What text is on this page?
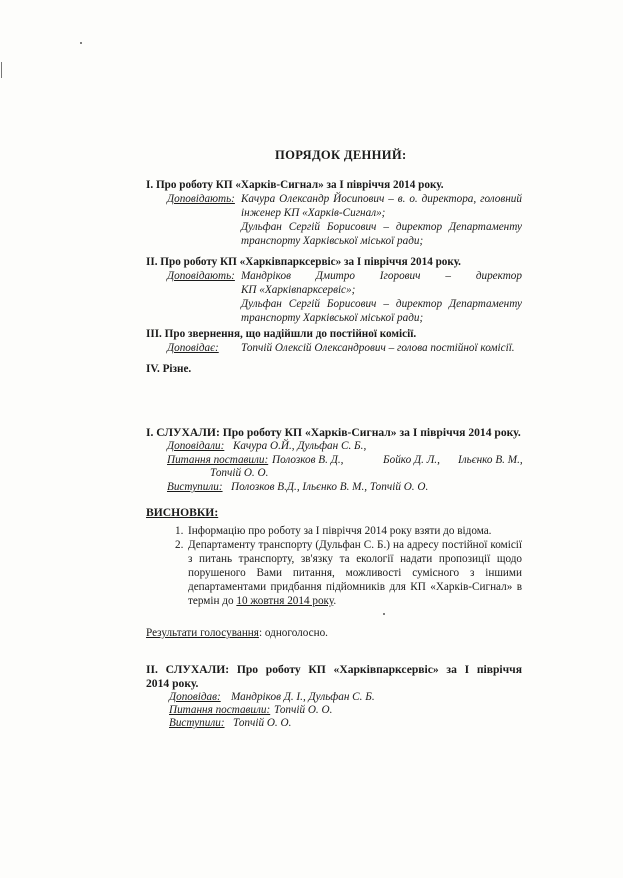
ПОРЯДОК ДЕННИЙ:
І. Про роботу КП «Харків-Сигнал» за І півріччя 2014 року.
Доповідають: Качура Олександр Йосипович – в. о. директора, головний
інженер КП «Харків-Сигнал»;
Дульфан Сергій Борисович – директор Департаменту
транспорту Харківської міської ради;
ІІ. Про роботу КП «Харківпарксервіс» за І півріччя 2014 року.
Доповідають: Мандріков Дмитро Ігорович – директор
КП «Харківпарксервіс»;
Дульфан Сергій Борисович – директор Департаменту
транспорту Харківської міської ради;
ІІІ. Про звернення, що надійшли до постійної комісії.
Доповідає: Топчій Олексій Олександрович – голова постійної комісії.
IV. Різне.
І. СЛУХАЛИ: Про роботу КП «Харків-Сигнал» за І півріччя 2014 року.
Доповідали: Качура О.Й., Дульфан С. Б.,
Питання поставили: Полозков В. Д.,	Бойко Д. Л., Ільєнко В. М.,
Топчій О. О.
Виступили: Полозков В.Д., Ільєнко В. М., Топчій О. О.
ВИСНОВКИ:
1. Інформацію про роботу за І півріччя 2014 року взяти до відома.
2. Департаменту транспорту (Дульфан С. Б.) на адресу постійної комісії
з питань транспорту, зв'язку та екології надати пропозиції щодо
порушеного Вами питання, можливості сумісного з іншими
департаментами придбання підйомників для КП «Харків-Сигнал» в
термін до 10 жовтня 2014 року.
Результати голосування: одноголосно.
ІІ. СЛУХАЛИ: Про роботу КП «Харківпарксервіс» за І півріччя
2014 року.
Доповідав: Мандріков Д. І., Дульфан С. Б.
Питання поставили: Топчій О. О.
Виступили: Топчій О. О.
